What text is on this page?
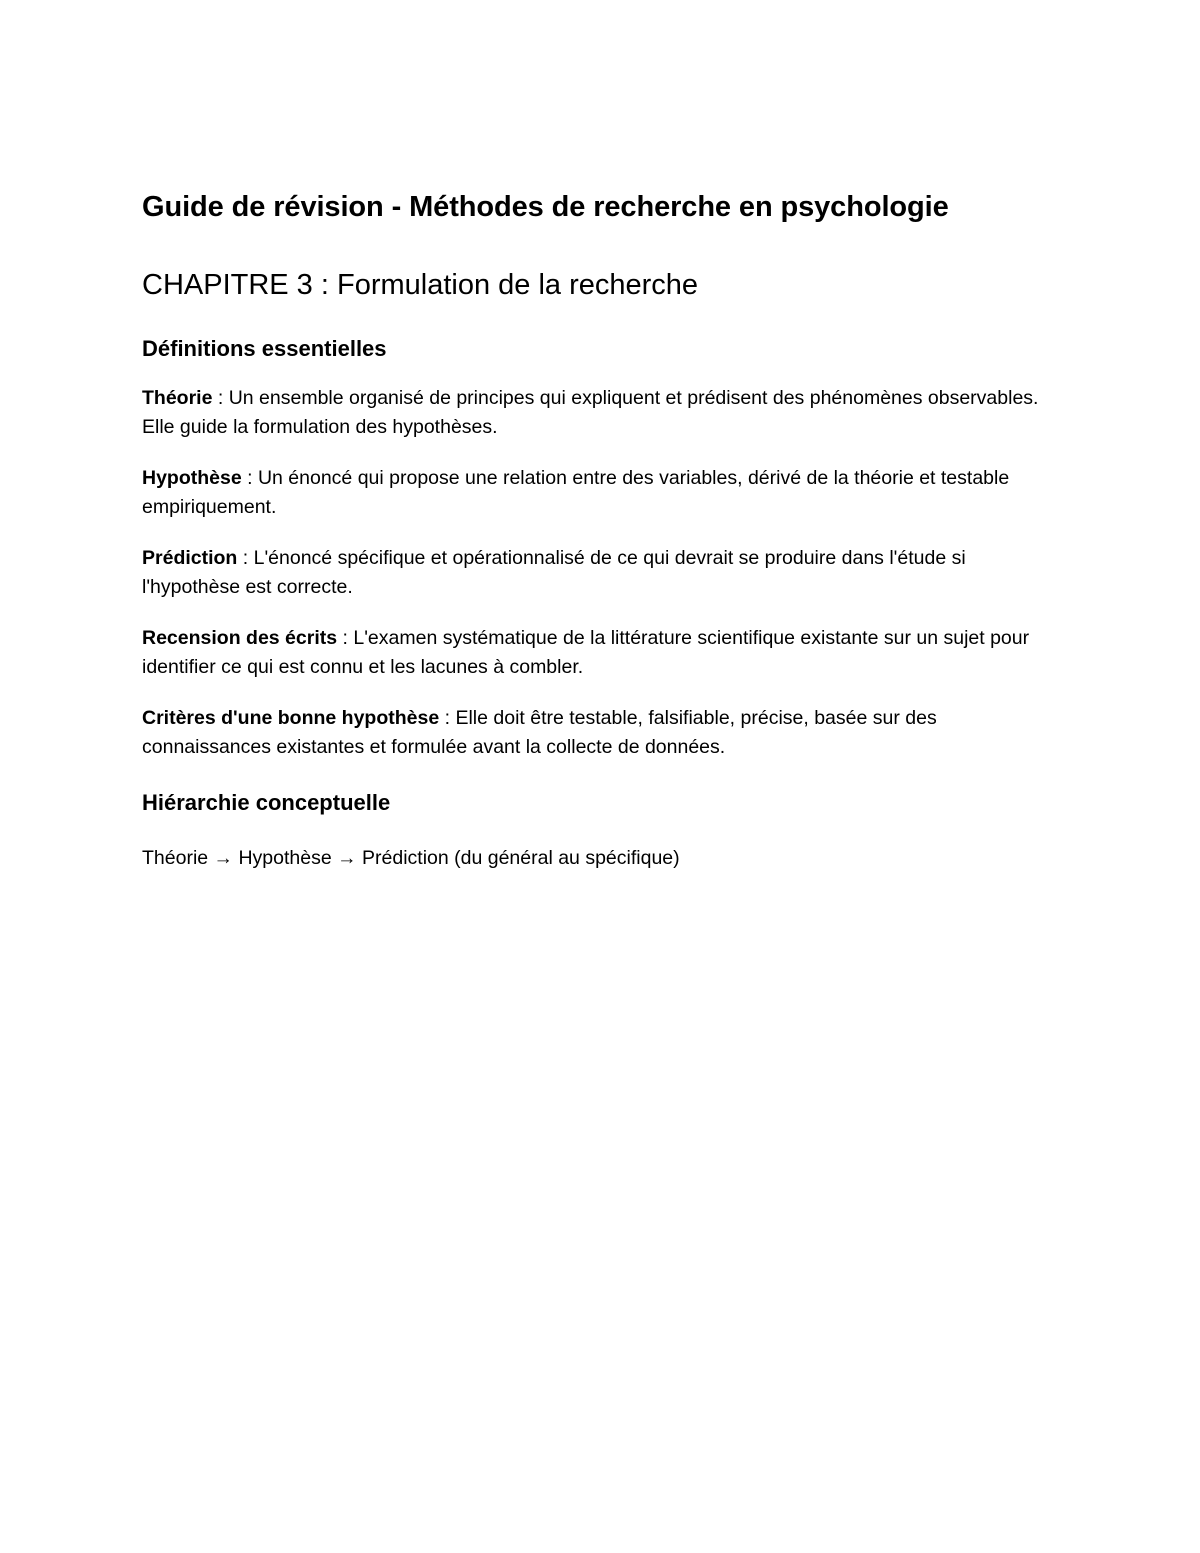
Guide de révision - Méthodes de recherche en psychologie
CHAPITRE 3 : Formulation de la recherche
Définitions essentielles

Théorie : Un ensemble organisé de principes qui expliquent et prédisent des phénomènes observables. Elle guide la formulation des hypothèses.

Hypothèse : Un énoncé qui propose une relation entre des variables, dérivé de la théorie et testable empiriquement.

Prédiction : L'énoncé spécifique et opérationnalisé de ce qui devrait se produire dans l'étude si l'hypothèse est correcte.

Recension des écrits : L'examen systématique de la littérature scientifique existante sur un sujet pour identifier ce qui est connu et les lacunes à combler.

Critères d'une bonne hypothèse : Elle doit être testable, falsifiable, précise, basée sur des connaissances existantes et formulée avant la collecte de données.

Hiérarchie conceptuelle

Théorie → Hypothèse → Prédiction (du général au spécifique)
